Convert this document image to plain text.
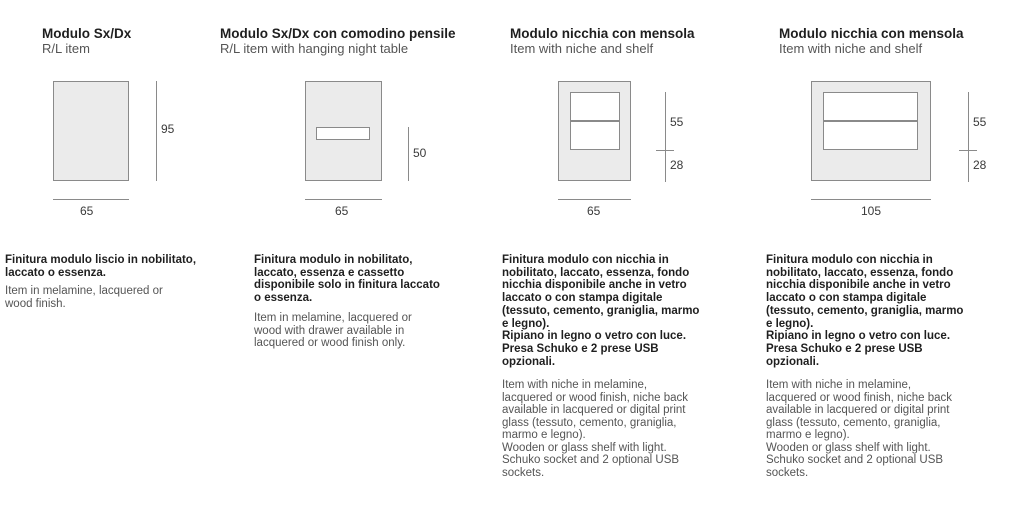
Modulo Sx/Dx
R/L item
95
65
Finitura modulo liscio in nobilitato,
laccato o essenza.
Item in melamine, lacquered or
wood finish.
Modulo Sx/Dx con comodino pensile
R/L item with hanging night table
50
65
Finitura modulo in nobilitato,
laccato, essenza e cassetto
disponibile solo in finitura laccato
o essenza.
Item in melamine, lacquered or
wood with drawer available in
lacquered or wood finish only.
Modulo nicchia con mensola
Item with niche and shelf
55
28
65
Finitura modulo con nicchia in
nobilitato, laccato, essenza, fondo
nicchia disponibile anche in vetro
laccato o con stampa digitale
(tessuto, cemento, graniglia, marmo
e legno).
Ripiano in legno o vetro con luce.
Presa Schuko e 2 prese USB
opzionali.
Item with niche in melamine,
lacquered or wood finish, niche back
available in lacquered or digital print
glass (tessuto, cemento, graniglia,
marmo e legno).
Wooden or glass shelf with light.
Schuko socket and 2 optional USB
sockets.
Modulo nicchia con mensola
Item with niche and shelf
55
28
105
Finitura modulo con nicchia in
nobilitato, laccato, essenza, fondo
nicchia disponibile anche in vetro
laccato o con stampa digitale
(tessuto, cemento, graniglia, marmo
e legno).
Ripiano in legno o vetro con luce.
Presa Schuko e 2 prese USB
opzionali.
Item with niche in melamine,
lacquered or wood finish, niche back
available in lacquered or digital print
glass (tessuto, cemento, graniglia,
marmo e legno).
Wooden or glass shelf with light.
Schuko socket and 2 optional USB
sockets.
